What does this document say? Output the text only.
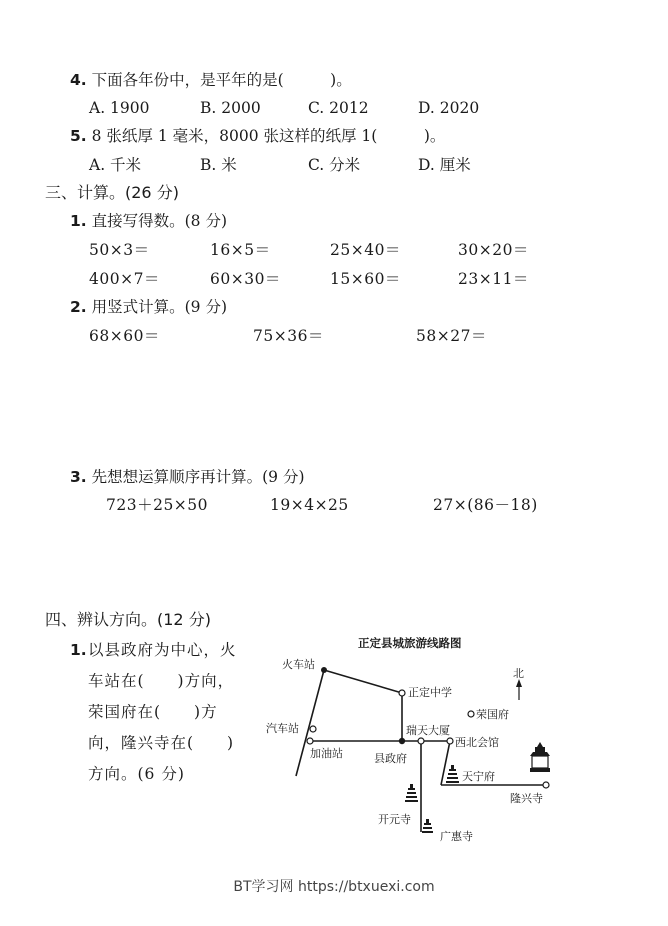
4. 下面各年份中，是平年的是(　　　)。
A. 1900	B. 2000	C. 2012	D. 2020
5. 8 张纸厚 1 毫米，8000 张这样的纸厚 1(　　　)。
A. 千米	B. 米	C. 分米	D. 厘米
三、计算。(26 分)
1. 直接写得数。(8 分)
50×3＝	16×5＝	25×40＝	30×20＝
400×7＝	60×30＝	15×60＝	23×11＝
2. 用竖式计算。(9 分)
68×60＝	75×36＝	58×27＝
3. 先想想运算顺序再计算。(9 分)
723＋25×50	19×4×25	27×(86－18)
四、辨认方向。(12 分)
1. 以县政府为中心，火
车站在(　　)方向，
荣国府在(　　)方
向，隆兴寺在(　　)
方向。(6 分)
正定县城旅游线路图
北
火车站
正定中学
荣国府
汽车站	瑞天大厦
加油站	县政府
西北会馆
天宁府
隆兴寺
开元寺
广惠寺
BT学习网 https://btxuexi.com
